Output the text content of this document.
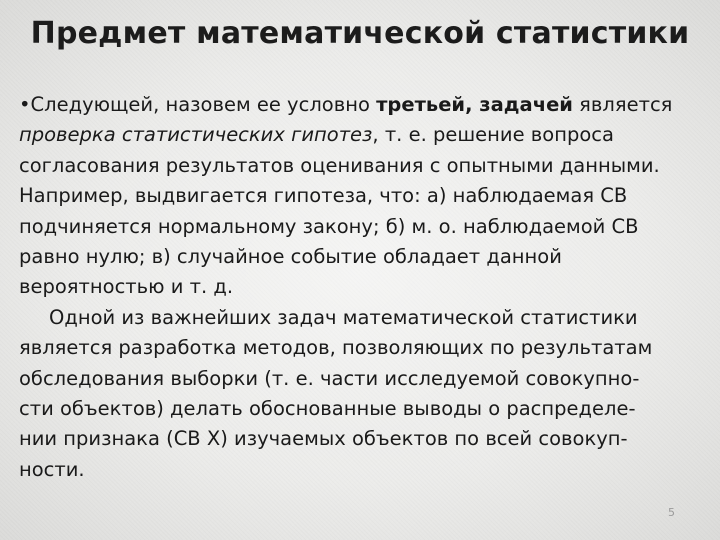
Предмет математической статистики
•Следующей, назовем ее условно третьей, задачей является
проверка статистических гипотез, т. е. решение вопроса
согласования результатов оценивания с опытными данными.
Например, выдвигается гипотеза, что: а) наблюдаемая СВ
подчиняется нормальному закону; б) м. о. наблюдаемой СВ
равно нулю; в) случайное событие обладает данной
вероятностью и т. д.
Одной из важнейших задач математической статистики
является разработка методов, позволяющих по результатам
обследования выборки (т. е. части исследуемой совокупно-
сти объектов) делать обоснованные выводы о распределе-
нии признака (СВ X) изучаемых объектов по всей совокуп-
ности.
5
